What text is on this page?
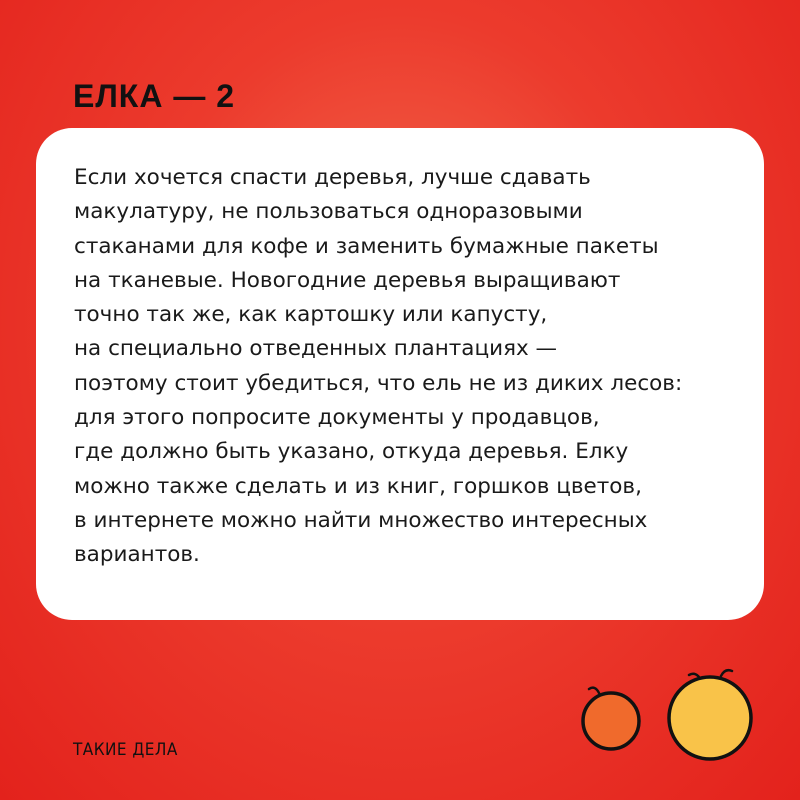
ЕЛКА — 2
Если хочется спасти деревья, лучше сдавать
макулатуру, не пользоваться одноразовыми
стаканами для кофе и заменить бумажные пакеты
на тканевые. Новогодние деревья выращивают
точно так же, как картошку или капусту,
на специально отведенных плантациях —
поэтому стоит убедиться, что ель не из диких лесов:
для этого попросите документы у продавцов,
где должно быть указано, откуда деревья. Елку
можно также сделать и из книг, горшков цветов,
в интернете можно найти множество интересных
вариантов.
ТАКИЕ ДЕЛА
